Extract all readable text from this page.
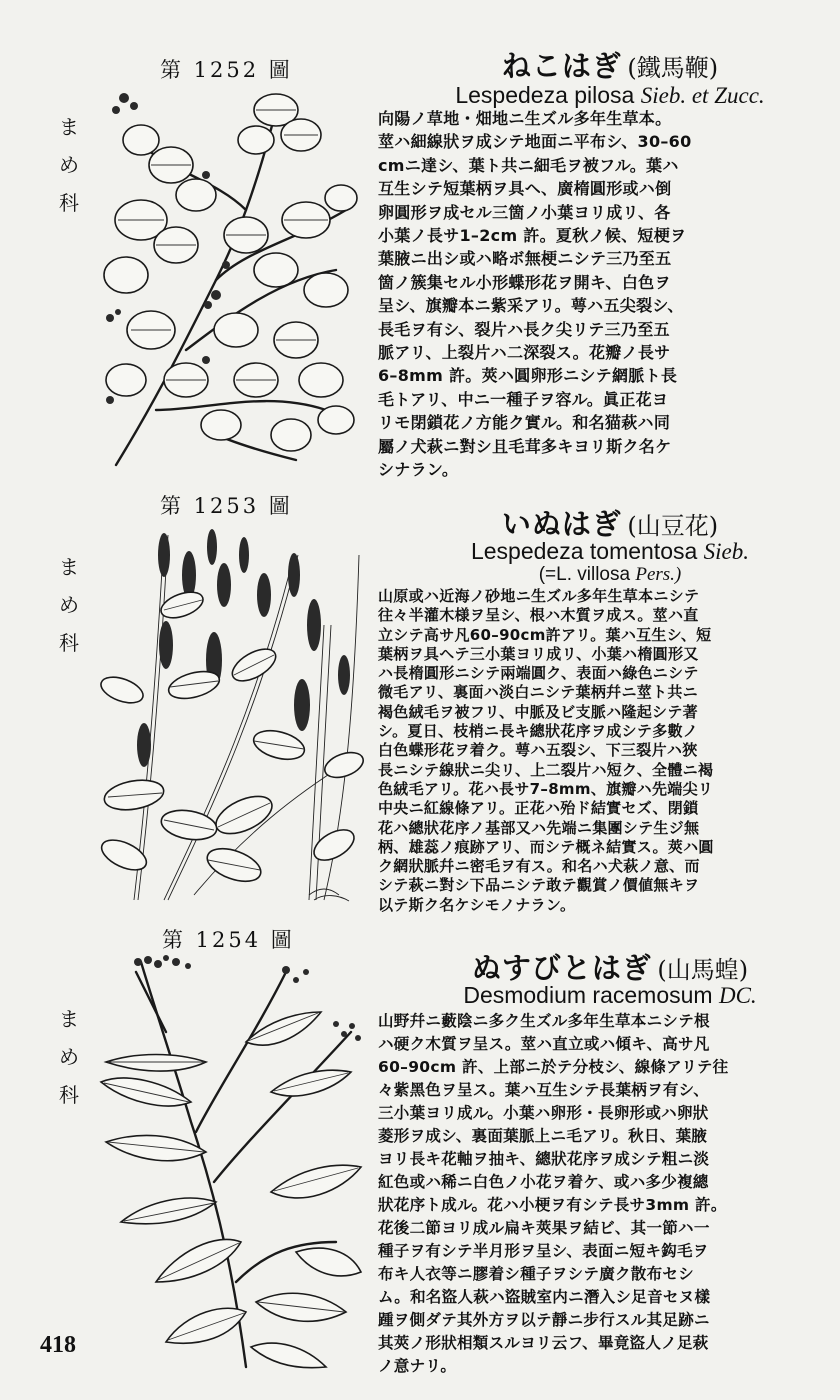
第 1252 圖
ま
め
科
ねこはぎ (鐵馬鞭)
Lespedeza pilosa Sieb. et Zucc.
向陽ノ草地・畑地ニ生ズル多年生草本。
莖ハ細線狀ヲ成シテ地面ニ平布シ、30–60
cmニ達シ、葉ト共ニ細毛ヲ被フル。葉ハ
互生シテ短葉柄ヲ具ヘ、廣楕圓形或ハ倒
卵圓形ヲ成セル三箇ノ小葉ヨリ成リ、各
小葉ノ長サ1–2cm 許。夏秋ノ候、短梗ヲ
葉腋ニ出シ或ハ略ボ無梗ニシテ三乃至五
箇ノ簇集セル小形蝶形花ヲ開キ、白色ヲ
呈シ、旗瓣本ニ紫采アリ。萼ハ五尖裂シ、
長毛ヲ有シ、裂片ハ長ク尖リテ三乃至五
脈アリ、上裂片ハ二深裂ス。花瓣ノ長サ
6–8mm 許。莢ハ圓卵形ニシテ網脈ト長
毛トアリ、中ニ一種子ヲ容ル。眞正花ヨ
リモ閉鎖花ノ方能ク實ル。和名猫萩ハ同
屬ノ犬萩ニ對シ且毛茸多キヨリ斯ク名ケ
シナラン。
第 1253 圖
ま
め
科
いぬはぎ (山豆花)
Lespedeza tomentosa Sieb.
(=L. villosa Pers.)
山原或ハ近海ノ砂地ニ生ズル多年生草本ニシテ
往々半灌木様ヲ呈シ、根ハ木質ヲ成ス。莖ハ直
立シテ高サ凡60–90cm許アリ。葉ハ互生シ、短
葉柄ヲ具ヘテ三小葉ヨリ成リ、小葉ハ楕圓形又
ハ長楕圓形ニシテ兩端圓ク、表面ハ綠色ニシテ
微毛アリ、裏面ハ淡白ニシテ葉柄幷ニ莖ト共ニ
褐色絨毛ヲ被フリ、中脈及ビ支脈ハ隆起シテ著
シ。夏日、枝梢ニ長キ總狀花序ヲ成シテ多數ノ
白色蝶形花ヲ着ク。萼ハ五裂シ、下三裂片ハ狹
長ニシテ線狀ニ尖リ、上二裂片ハ短ク、全體ニ褐
色絨毛アリ。花ハ長サ7–8mm、旗瓣ハ先端尖リ
中央ニ紅線條アリ。正花ハ殆ド結實セズ、閉鎖
花ハ總狀花序ノ基部又ハ先端ニ集團シテ生ジ無
柄、雄蕊ノ痕跡アリ、而シテ概ネ結實ス。莢ハ圓
ク網狀脈幷ニ密毛ヲ有ス。和名ハ犬萩ノ意、而
シテ萩ニ對シ下品ニシテ敢テ觀賞ノ價値無キヲ
以テ斯ク名ケシモノナラン。
第 1254 圖
ま
め
科
ぬすびとはぎ (山馬蝗)
Desmodium racemosum DC.
山野幷ニ藪陰ニ多ク生ズル多年生草本ニシテ根
ハ硬ク木質ヲ呈ス。莖ハ直立或ハ傾キ、高サ凡
60–90cm 許、上部ニ於テ分枝シ、線條アリテ往
々紫黑色ヲ呈ス。葉ハ互生シテ長葉柄ヲ有シ、
三小葉ヨリ成ル。小葉ハ卵形・長卵形或ハ卵狀
菱形ヲ成シ、裏面葉脈上ニ毛アリ。秋日、葉腋
ヨリ長キ花軸ヲ抽キ、總狀花序ヲ成シテ粗ニ淡
紅色或ハ稀ニ白色ノ小花ヲ着ケ、或ハ多少複總
狀花序ト成ル。花ハ小梗ヲ有シテ長サ3mm 許。
花後二節ヨリ成ル扁キ莢果ヲ結ビ、其一節ハ一
種子ヲ有シテ半月形ヲ呈シ、表面ニ短キ鈎毛ヲ
布キ人衣等ニ膠着シ種子ヲシテ廣ク散布セシ
ム。和名盜人萩ハ盜賊室内ニ潛入シ足音セヌ樣
踵ヲ側ダテ其外方ヲ以テ靜ニ步行スル其足跡ニ
其莢ノ形狀相類スルヨリ云フ、畢竟盜人ノ足萩
ノ意ナリ。
418
